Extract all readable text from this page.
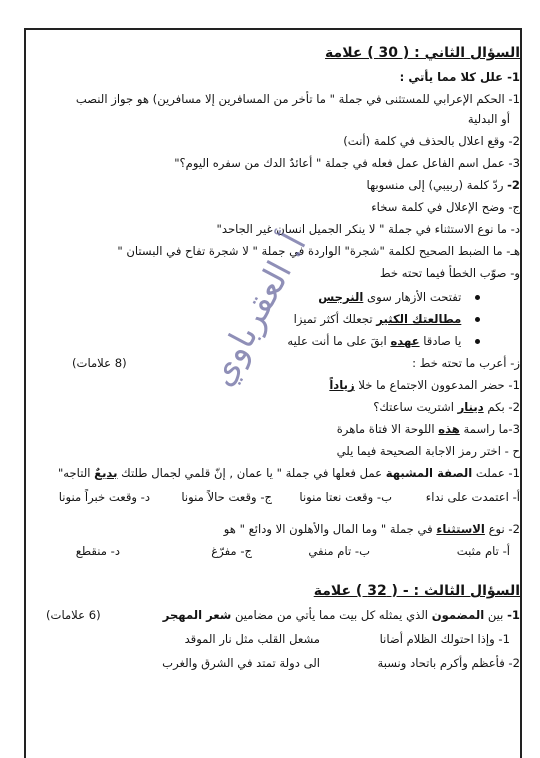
السؤال الثاني : ( 30 ) علامة
1- علل كلا مما يأتي :
1- الحكم الإعرابي للمستثنى في جملة " ما تأخر من المسافرين إلا مسافرين) هو جواز النصب
أو البدلية
2- وقع اعلال بالحذف في كلمة (أنت)
3- عمل اسم الفاعل عمل فعله في جملة " أعائدٌ الدك من سفره اليوم؟"
2- ردّ كلمة (ربيبي) إلى منسوبها
ج- وضح الإعلال في كلمة سخاء
د- ما نوع الاستثناء في جملة " لا ينكر الجميل انسان غير الجاحد"
هـ- ما الضبط الصحيح لكلمة "شجرة" الواردة في جملة " لا شجرة تفاح في البستان "
و- صوّب الخطأ فيما تحته خط
تفتحت الأزهار سوى النرجس
مطالعتك الكثير تجعلك أكثر تميزا
يا صادقا عهده ابقَ على ما أنت عليه
ز- أعرب ما تحته خط :
(8 علامات)
1- حضر المدعوون الاجتماع ما خلا زياداً
2- بكم دينار اشتريت ساعتك؟
3-ما راسمة هذه اللوحة الا فتاة ماهرة
ح - اختر رمز الاجابة الصحيحة فيما يلي
1- عملت الصفة المشبهة عمل فعلها في جملة " يا عمان , إنّ قلمي لجمال طلتك بديعٌ التاجه"
أ- اعتمدت على نداء
ب- وقعت نعتا منونا
ج- وقعت حالاً منونا
د- وقعت خبراً منونا
2- نوع الاستثناء في جملة " وما المال والأهلون الا ودائع " هو
أ- تام مثبت
ب- تام منفي
ج- مفرّغ
د- منقطع
السؤال الثالث : - ( 32 ) علامة
1- بين المضمون الذي يمثله كل بيت مما يأتي من مضامين شعر المهجر
(6 علامات)
1- وإذا احتولك الظلام أضانا
مشعل القلب مثل نار الموقد
2- فأعظم وأكرم باتحاد ونسبة
الى دولة تمتد في الشرق والغرب
أ. العقرباوي
